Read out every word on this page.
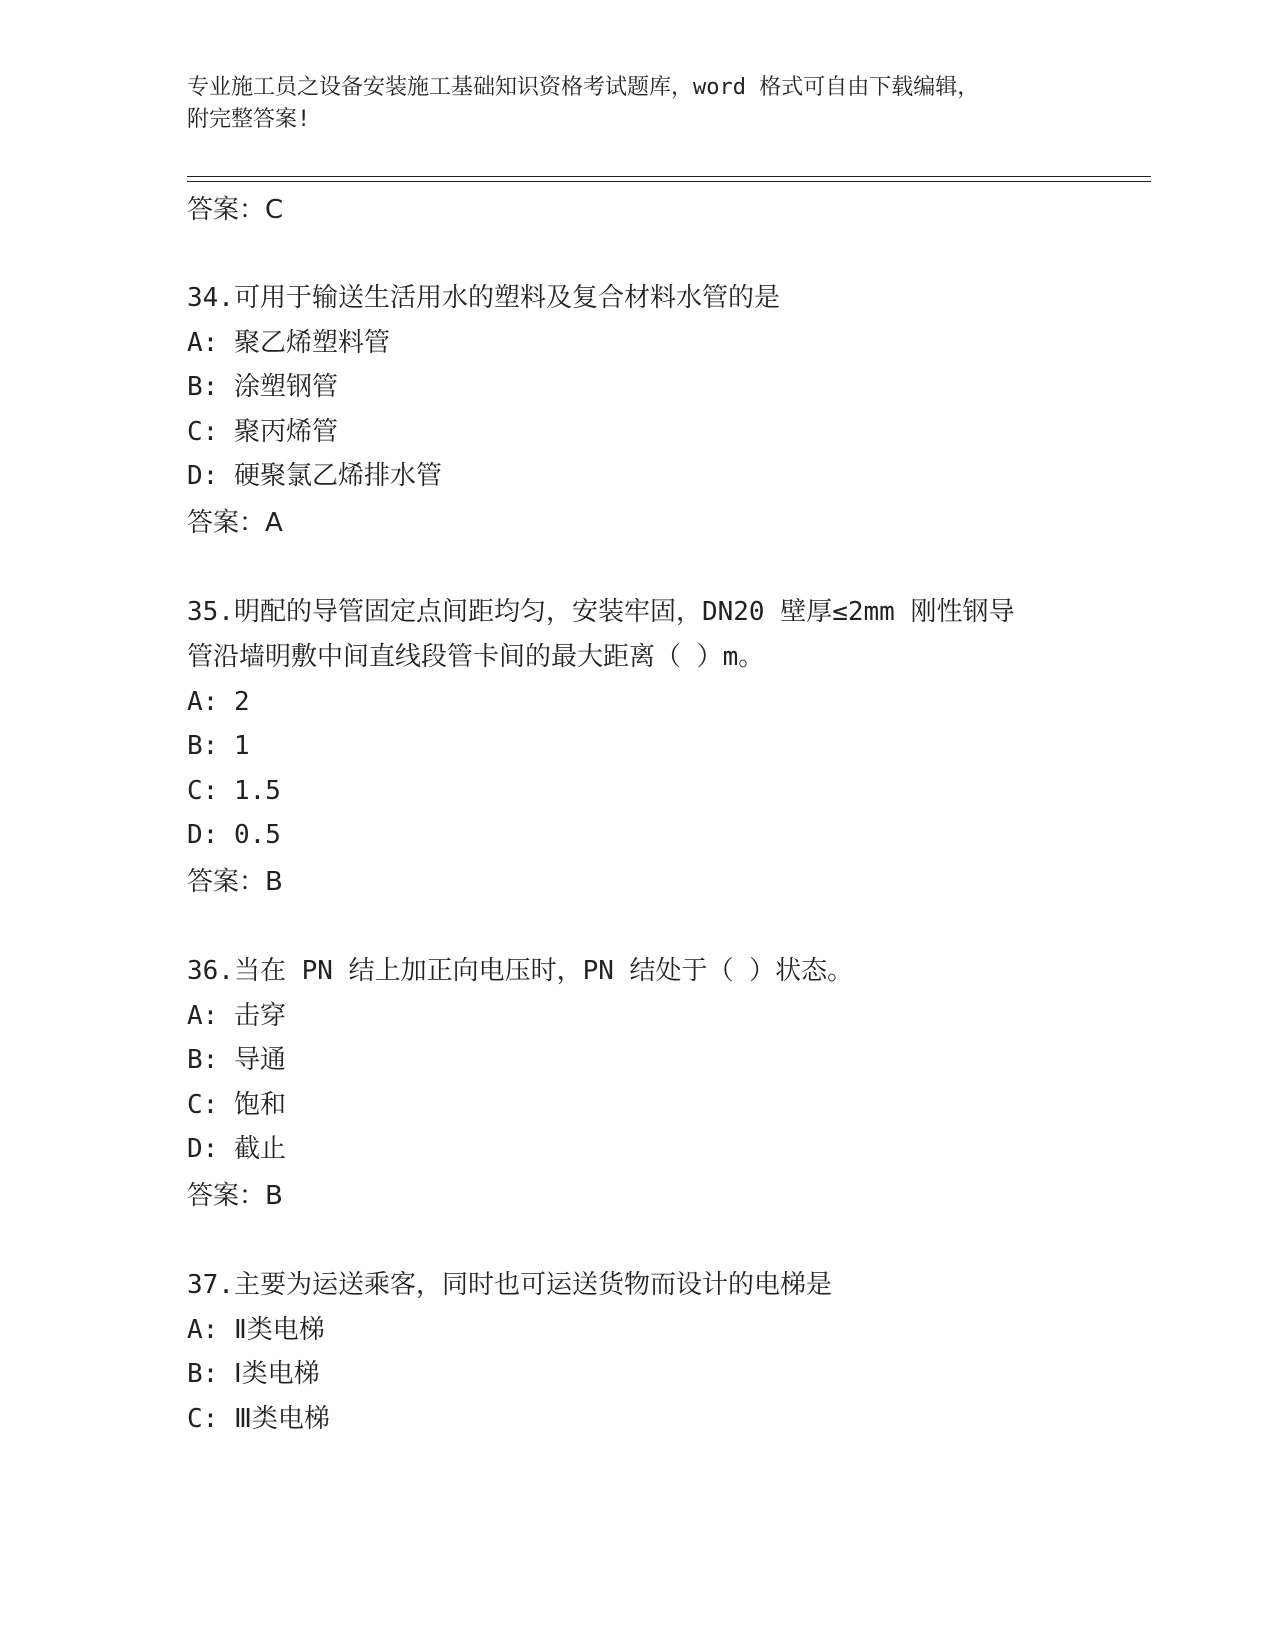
专业施工员之设备安装施工基础知识资格考试题库，word 格式可自由下载编辑，
附完整答案!
答案：C
34.可用于输送生活用水的塑料及复合材料水管的是
A: 聚乙烯塑料管
B: 涂塑钢管
C: 聚丙烯管
D: 硬聚氯乙烯排水管
答案：A
35.明配的导管固定点间距均匀，安装牢固，DN20 壁厚≤2mm 刚性钢导
管沿墙明敷中间直线段管卡间的最大距离（ ）m。
A: 2
B: 1
C: 1.5
D: 0.5
答案：B
36.当在 PN 结上加正向电压时，PN 结处于（ ）状态。
A: 击穿
B: 导通
C: 饱和
D: 截止
答案：B
37.主要为运送乘客，同时也可运送货物而设计的电梯是
A: Ⅱ类电梯
B: Ⅰ类电梯
C: Ⅲ类电梯
